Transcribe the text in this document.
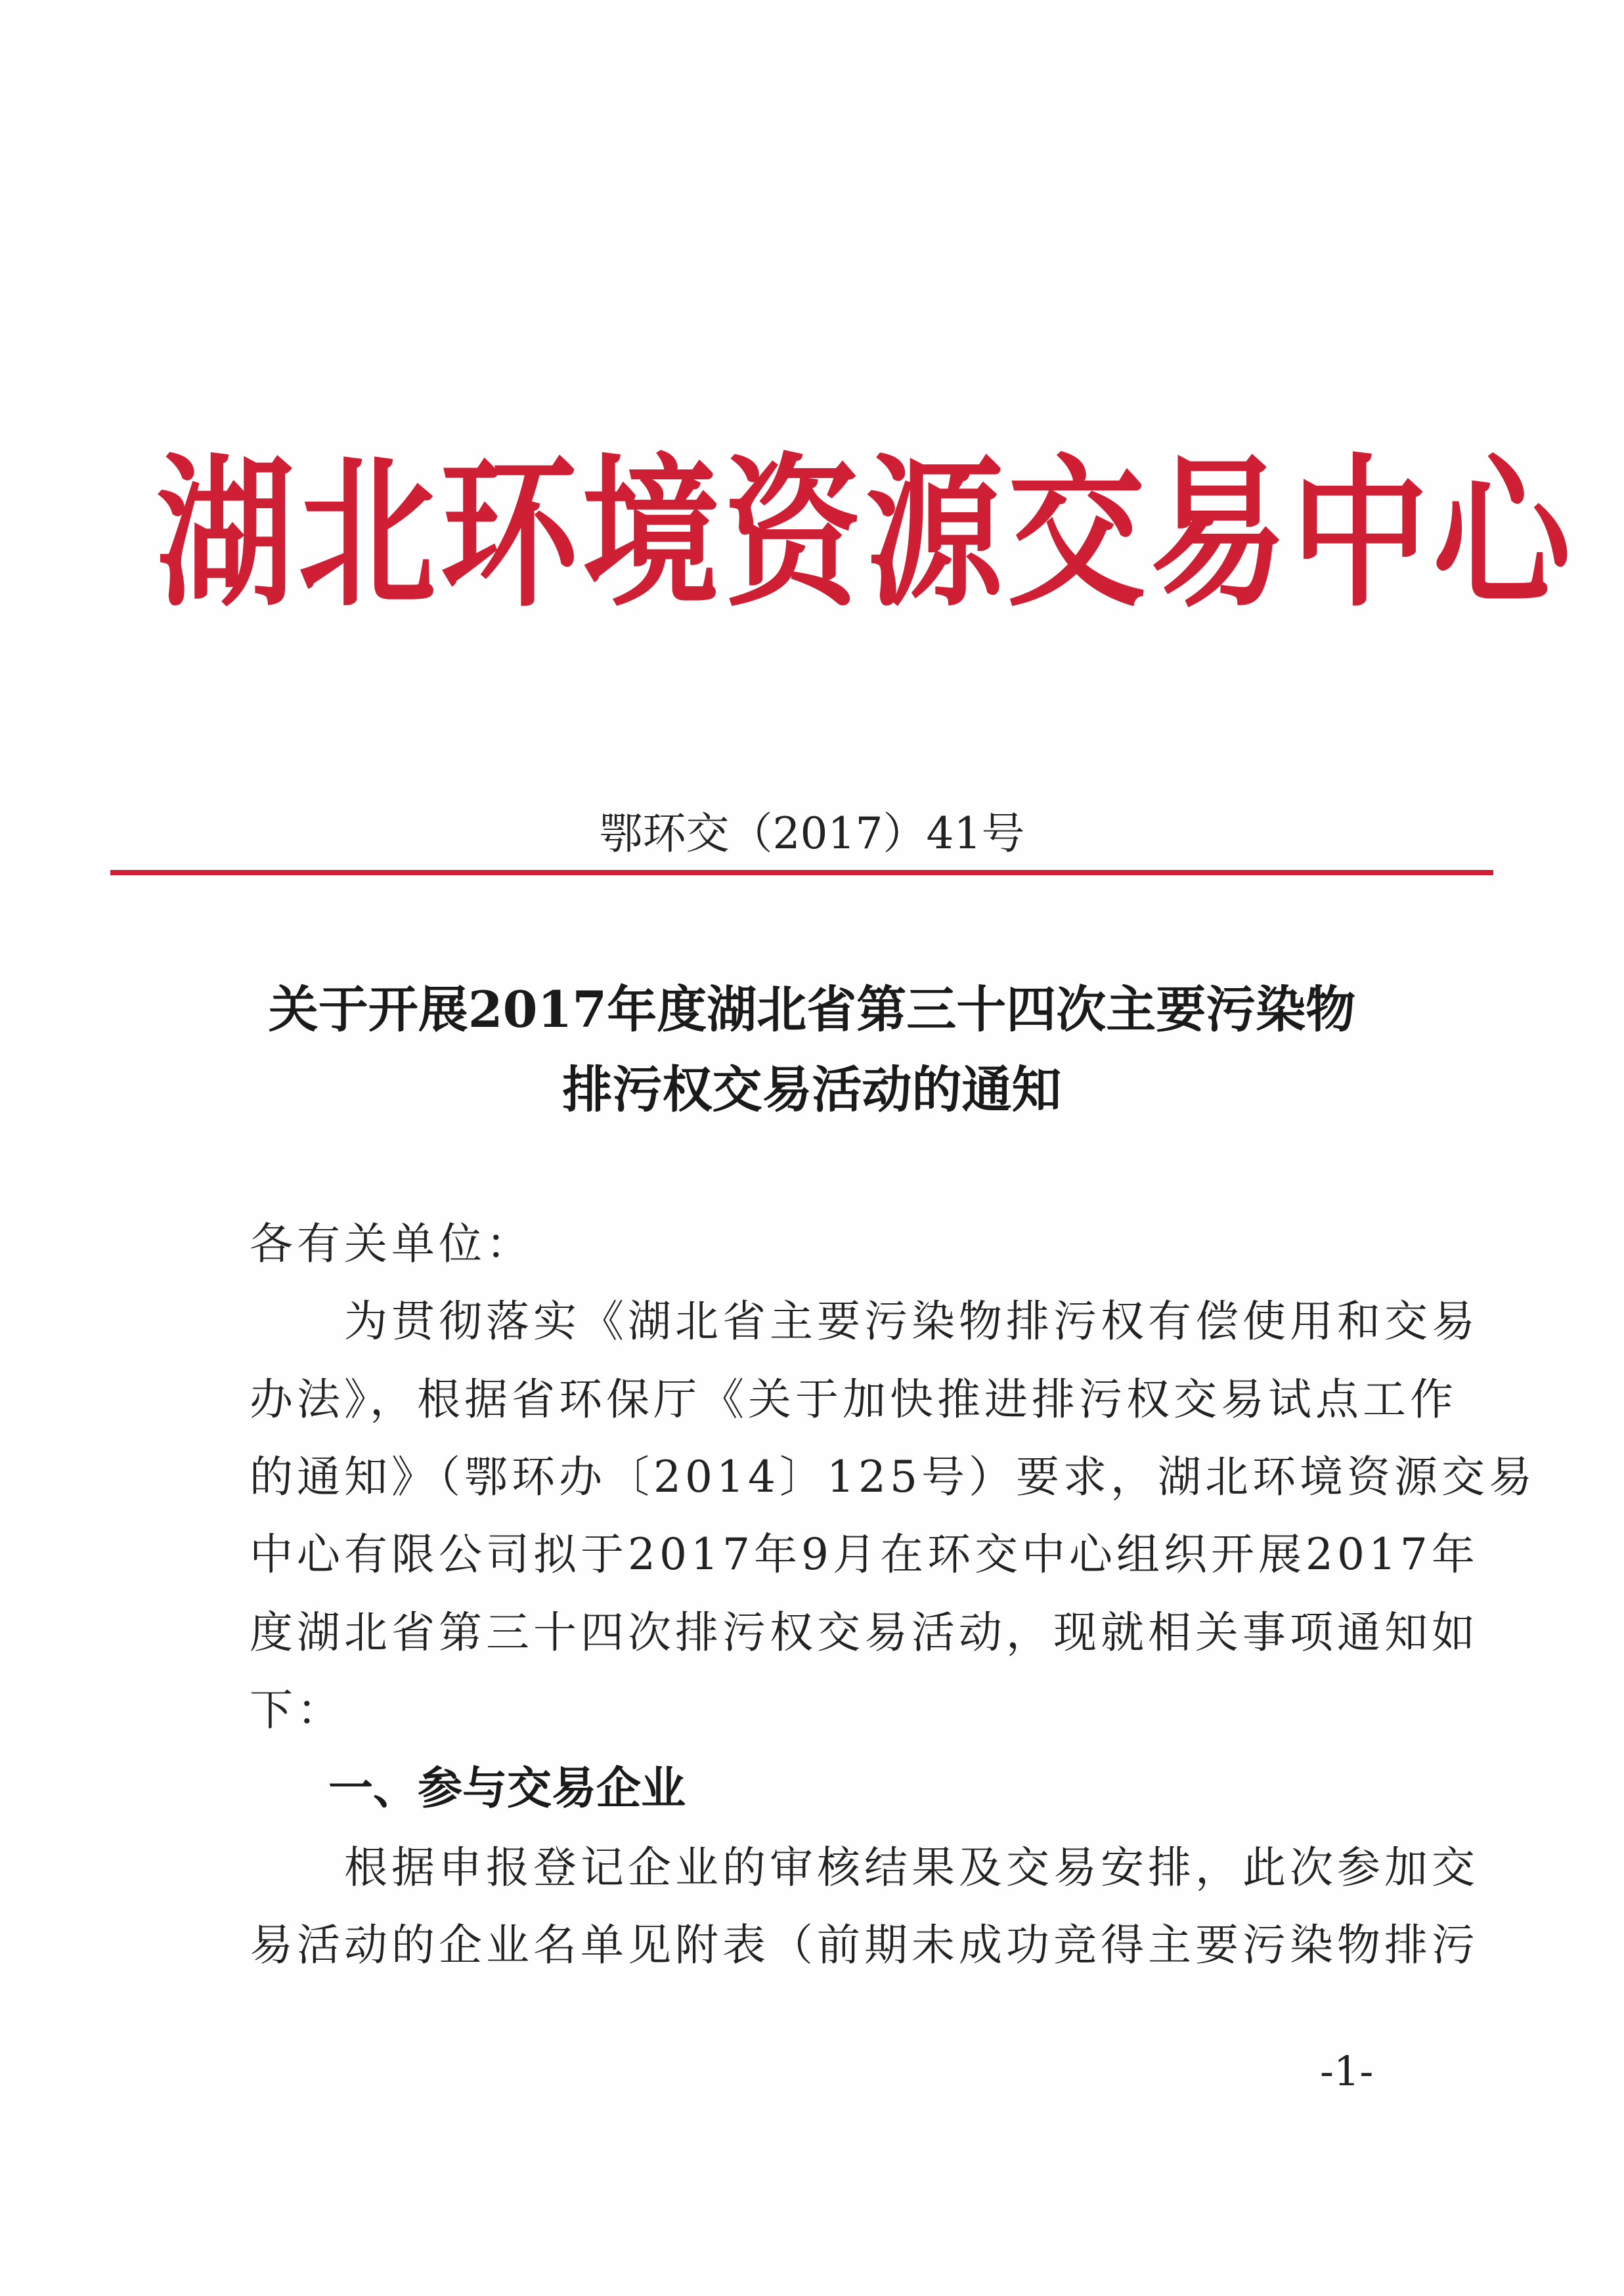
湖北环境资源交易中心
鄂环交（2017）41号
关于开展2017年度湖北省第三十四次主要污染物
排污权交易活动的通知
各有关单位：
　　为贯彻落实《湖北省主要污染物排污权有偿使用和交易
办法》，根据省环保厅《关于加快推进排污权交易试点工作
的通知》（鄂环办〔2014〕125号）要求，湖北环境资源交易
中心有限公司拟于2017年9月在环交中心组织开展2017年
度湖北省第三十四次排污权交易活动，现就相关事项通知如
下：
一、参与交易企业
　　根据申报登记企业的审核结果及交易安排，此次参加交
易活动的企业名单见附表（前期未成功竞得主要污染物排污
-1-
